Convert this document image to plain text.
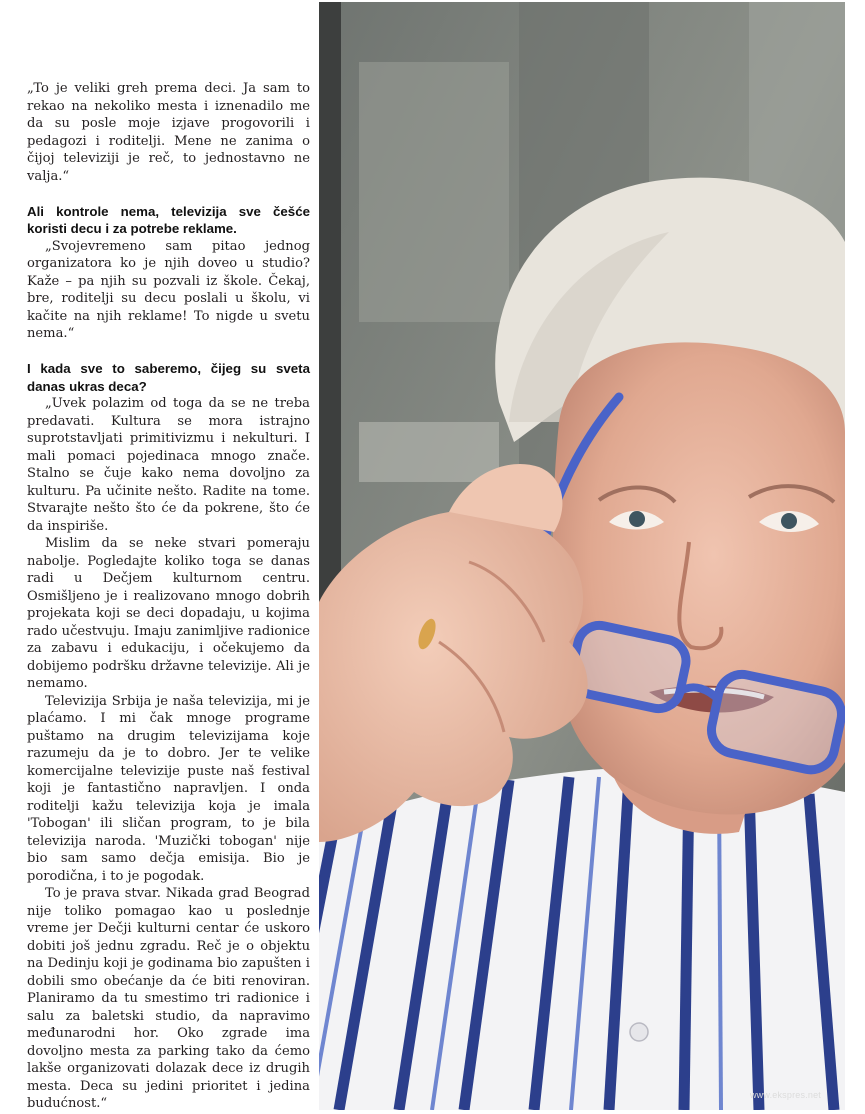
„To je veliki greh prema deci. Ja sam to rekao na nekoliko mesta i iznenadilo me da su posle moje izjave progovorili i pedagozi i roditelji. Mene ne zanima o čijoj televiziji je reč, to jednostavno ne valja.“

Ali kontrole nema, televizija sve češće koristi decu i za potrebe reklame.

„Svojevremeno sam pitao jednog organizatora ko je njih doveo u studio? Kaže – pa njih su pozvali iz škole. Čekaj, bre, roditelji su decu poslali u školu, vi kačite na njih reklame! To nigde u svetu nema.“

I kada sve to saberemo, čijeg su sveta danas ukras deca?

„Uvek polazim od toga da se ne treba predavati. Kultura se mora istrajno suprotstavljati primitivizmu i nekulturi. I mali pomaci pojedinaca mnogo znače. Stalno se čuje kako nema dovoljno za kulturu. Pa učinite nešto. Radite na tome. Stvarajte nešto što će da pokrene, što će da inspiriše.

Mislim da se neke stvari pomeraju nabolje. Pogledajte koliko toga se danas radi u Dečjem kulturnom centru. Osmišljeno je i realizovano mnogo dobrih projekata koji se deci dopadaju, u kojima rado učestvuju. Imaju zanimljive radionice za zabavu i edukaciju, i očekujemo da dobijemo podršku državne televizije. Ali je nemamo.

Televizija Srbija je naša televizija, mi je plaćamo. I mi čak mnoge programe puštamo na drugim televizijama koje razumeju da je to dobro. Jer te velike komercijalne televizije puste naš festival koji je fantastično napravljen. I onda roditelji kažu televizija koja je imala 'Tobogan' ili sličan program, to je bila televizija naroda. 'Muzički tobogan' nije bio sam samo dečja emisija. Bio je porodična, i to je pogodak.

To je prava stvar. Nikada grad Beograd nije toliko pomagao kao u poslednje vreme jer Dečji kulturni centar će uskoro dobiti još jednu zgradu. Reč je o objektu na Dedinju koji je godinama bio zapušten i dobili smo obećanje da će biti renoviran. Planiramo da tu smestimo tri radionice i salu za baletski studio, da napravimo međunarodni hor. Oko zgrade ima dovoljno mesta za parking tako da ćemo lakše organizovati dolazak dece iz drugih mesta. Deca su jedini prioritet i jedina budućnost.“

www.ekspres.net
